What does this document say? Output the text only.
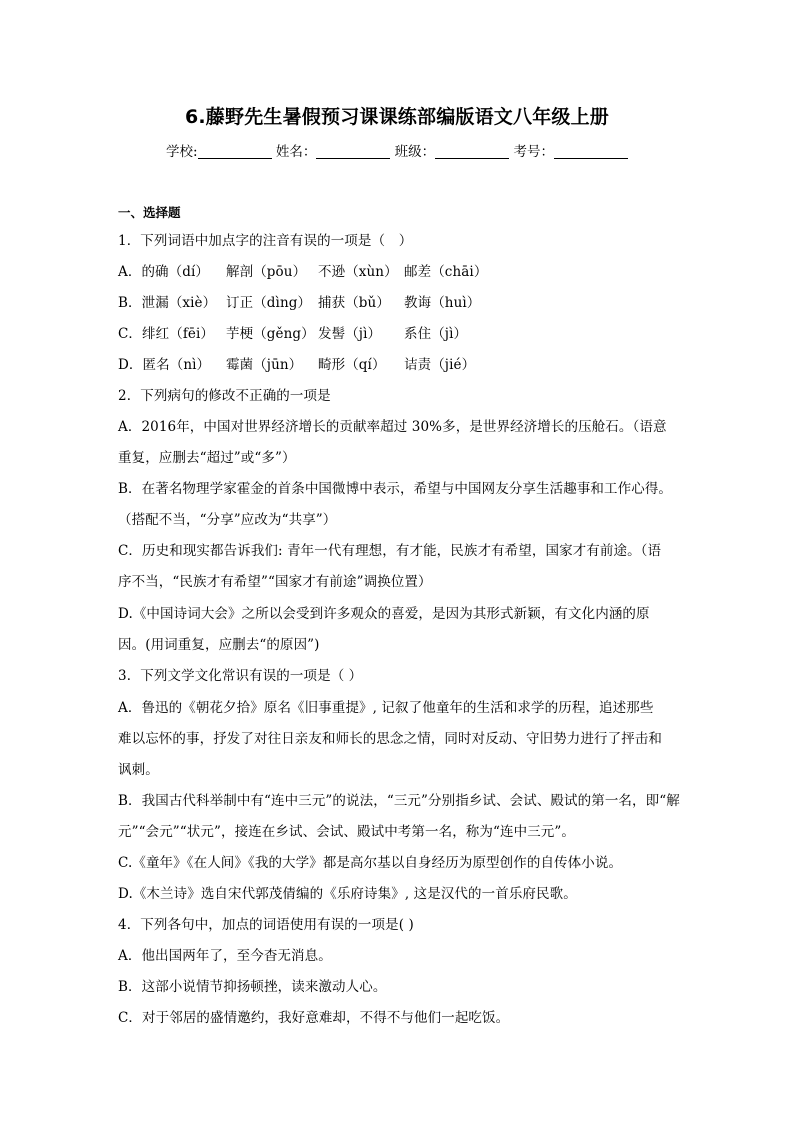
6.藤野先生暑假预习课课练部编版语文八年级上册
学校:	姓名：	班级：	考号：
一、选择题
1．下列词语中加点字的注音有误的一项是（　）
A．的确（dí） 解剖（pōu） 不逊（xùn） 邮差（chāi）
B．泄漏（xiè） 订正（dìng） 捕获（bǔ） 教诲（huì）
C．绯红（fēi） 芋梗（gěng） 发髻（jì） 系住（jì）
D．匿名（nì） 霉菌（jūn） 畸形（qí） 诘责（jié）
2．下列病句的修改不正确的一项是
A．2016年，中国对世界经济增长的贡献率超过 30%多，是世界经济增长的压舱石。（语意
重复，应删去“超过”或“多”）
B．在著名物理学家霍金的首条中国微博中表示，希望与中国网友分享生活趣事和工作心得。
（搭配不当，“分享”应改为“共享”）
C．历史和现实都告诉我们: 青年一代有理想，有才能，民族才有希望，国家才有前途。（语
序不当，“民族才有希望”“国家才有前途”调换位置）
D.《中国诗词大会》之所以会受到许多观众的喜爱，是因为其形式新颖，有文化内涵的原
因。(用词重复，应删去“的原因”)
3．下列文学文化常识有误的一项是（ ）
A．鲁迅的《朝花夕拾》原名《旧事重提》, 记叙了他童年的生活和求学的历程，追述那些
难以忘怀的事，抒发了对往日亲友和师长的思念之情，同时对反动、守旧势力进行了抨击和
讽刺。
B．我国古代科举制中有“连中三元”的说法，“三元”分别指乡试、会试、殿试的第一名，即“解
元”“会元”“状元”，接连在乡试、会试、殿试中考第一名，称为“连中三元”。
C.《童年》《在人间》《我的大学》都是高尔基以自身经历为原型创作的自传体小说。
D.《木兰诗》选自宋代郭茂倩编的《乐府诗集》, 这是汉代的一首乐府民歌。
4．下列各句中，加点的词语使用有误的一项是( )
A．他出国两年了，至今杳无消息。
B．这部小说情节抑扬顿挫，读来激动人心。
C．对于邻居的盛情邀约，我好意难却，不得不与他们一起吃饭。
